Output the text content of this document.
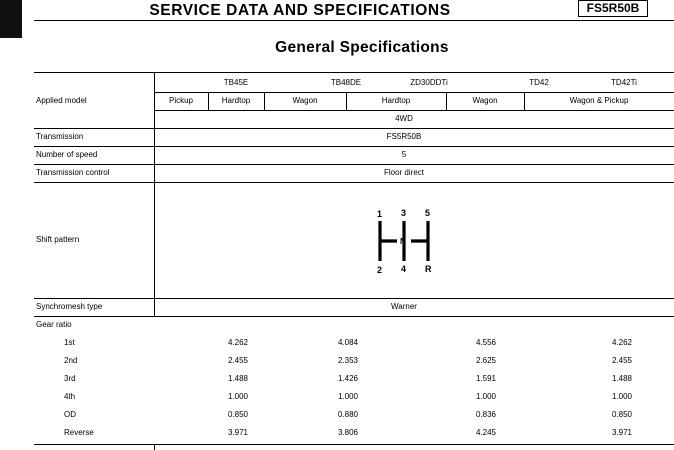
SERVICE DATA AND SPECIFICATIONS	FS5R50B
General Specifications
TB45E	TB48DE	ZD30DDTi	TD42	TD42Ti
Applied model	Pickup	Hardtop	Wagon	Hardtop	Wagon	Wagon & Pickup
4WD
Transmission	FS5R50B
Number of speed	5
Transmission control	Floor direct
Shift pattern
1 3 5
N
2 4 R
Synchromesh type	Warner
Gear ratio
1st	4.262	4.084	4.556	4.262
2nd	2.455	2.353	2.625	2.455
3rd	1.488	1.426	1.591	1.488
4th	1.000	1.000	1.000	1.000
OD	0.850	0.880	0.836	0.850
Reverse	3.971	3.806	4.245	3.971
